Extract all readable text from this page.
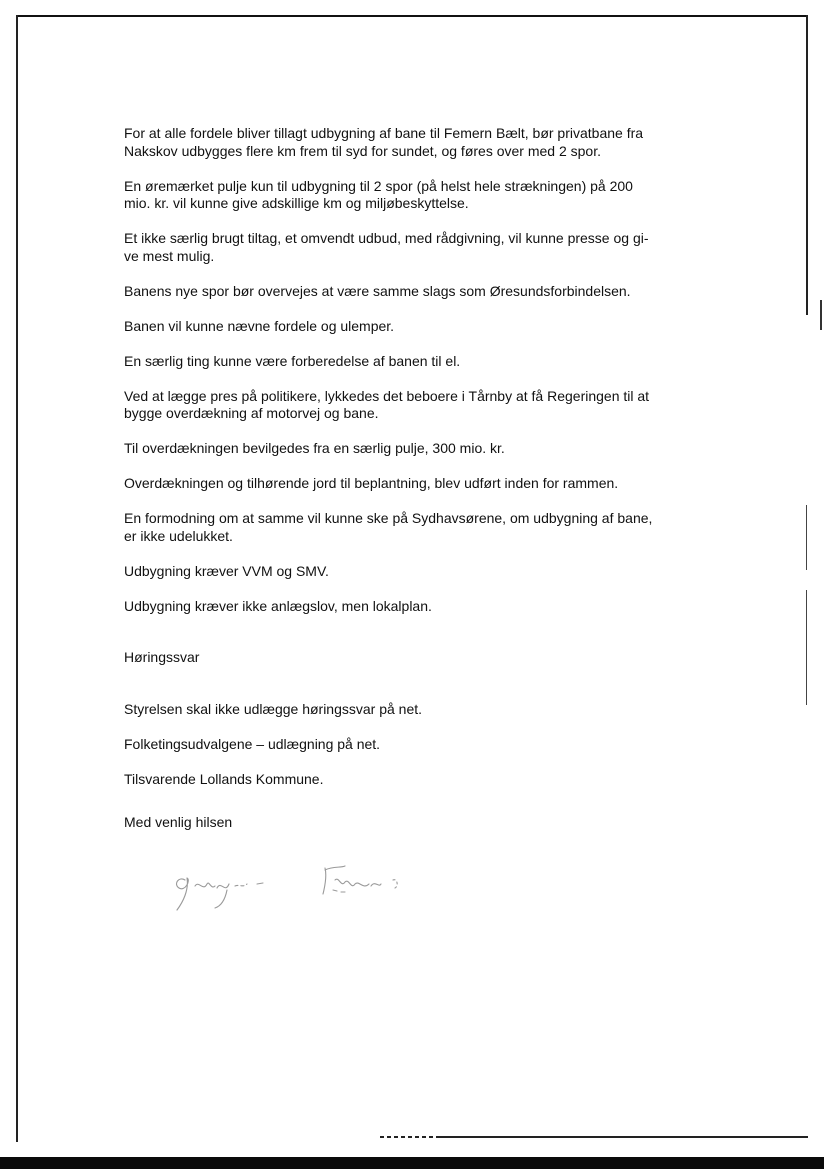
For at alle fordele bliver tillagt udbygning af bane til Femern Bælt, bør privatbane fra
Nakskov udbygges flere km frem til syd for sundet, og føres over med 2 spor.

En øremærket pulje kun til udbygning til 2 spor (på helst hele strækningen) på 200
mio. kr. vil kunne give adskillige km og miljøbeskyttelse.

Et ikke særlig brugt tiltag, et omvendt udbud, med rådgivning, vil kunne presse og gi-
ve mest mulig.

Banens nye spor bør overvejes at være samme slags som Øresundsforbindelsen.

Banen vil kunne nævne fordele og ulemper.

En særlig ting kunne være forberedelse af banen til el.

Ved at lægge pres på politikere, lykkedes det beboere i Tårnby at få Regeringen til at
bygge overdækning af motorvej og bane.

Til overdækningen bevilgedes fra en særlig pulje, 300 mio. kr.

Overdækningen og tilhørende jord til beplantning, blev udført inden for rammen.

En formodning om at samme vil kunne ske på Sydhavsørene, om udbygning af bane,
er ikke udelukket.

Udbygning kræver VVM og SMV.

Udbygning kræver ikke anlægslov, men lokalplan.

Høringssvar

Styrelsen skal ikke udlægge høringssvar på net.

Folketingsudvalgene – udlægning på net.

Tilsvarende Lollands Kommune.

Med venlig hilsen
